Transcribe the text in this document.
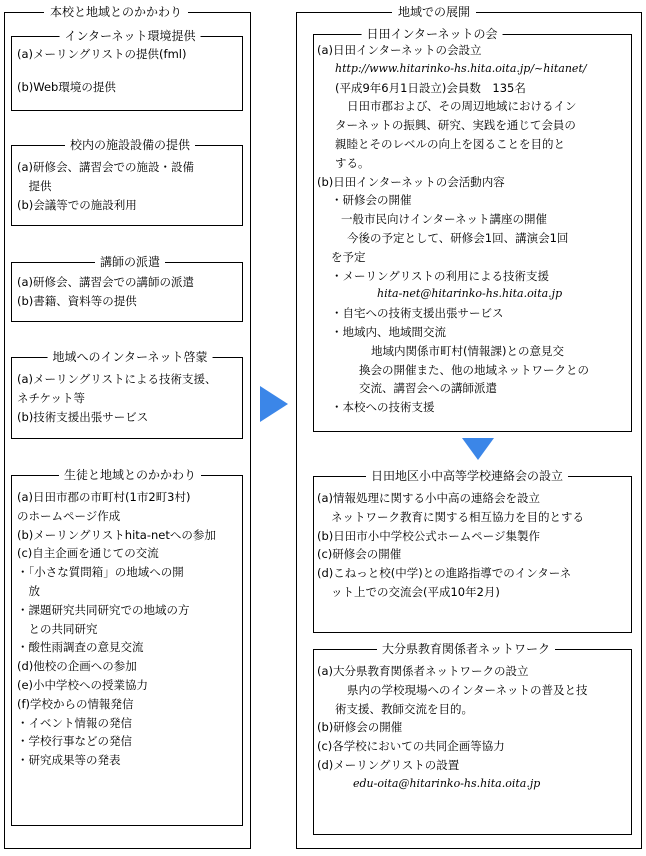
本校と地域とのかかわり
インターネット環境提供
(a)メーリングリストの提供(fml)
(b)Web環境の提供
校内の施設設備の提供
(a)研修会、講習会での施設・設備
　提供
(b)会議等での施設利用
講師の派遣
(a)研修会、講習会での講師の派遣
(b)書籍、資料等の提供
地域へのインターネット啓蒙
(a)メーリングリストによる技術支援、
ネチケット等
(b)技術支援出張サービス
生徒と地域とのかかわり
(a)日田市郡の市町村(1市2町3村)
のホームページ作成
(b)メーリングリストhita-netへの参加
(c)自主企画を通じての交流
・「小さな質問箱」の地域への開
　放
・課題研究共同研究での地域の方
　との共同研究
・酸性雨調査の意見交流
(d)他校の企画への参加
(e)小中学校への授業協力
(f)学校からの情報発信
・イベント情報の発信
・学校行事などの発信
・研究成果等の発表
地域での展開
日田インターネットの会
(a)日田インターネットの会設立
http://www.hitarinko-hs.hita.oita.jp/~hitanet/
(平成9年6月1日設立)会員数　135名
日田市郡および、その周辺地域におけるイン
ターネットの振興、研究、実践を通じて会員の
親睦とそのレベルの向上を図ることを目的と
する。
(b)日田インターネットの会活動内容
・研修会の開催
一般市民向けインターネット講座の開催
今後の予定として、研修会1回、講演会1回
を予定
・メーリングリストの利用による技術支援
hita-net@hitarinko-hs.hita.oita.jp
・自宅への技術支援出張サービス
・地域内、地域間交流
地域内関係市町村(情報課)との意見交
換会の開催また、他の地域ネットワークとの
交流、講習会への講師派遣
・本校への技術支援
日田地区小中高等学校連絡会の設立
(a)情報処理に関する小中高の連絡会を設立
ネットワーク教育に関する相互協力を目的とする
(b)日田市小中学校公式ホームページ集製作
(c)研修会の開催
(d)こねっと校(中学)との進路指導でのインターネ
ット上での交流会(平成10年2月)
大分県教育関係者ネットワーク
(a)大分県教育関係者ネットワークの設立
県内の学校現場へのインターネットの普及と技
術支援、教師交流を目的。
(b)研修会の開催
(c)各学校においての共同企画等協力
(d)メーリングリストの設置
edu-oita@hitarinko-hs.hita.oita.jp
